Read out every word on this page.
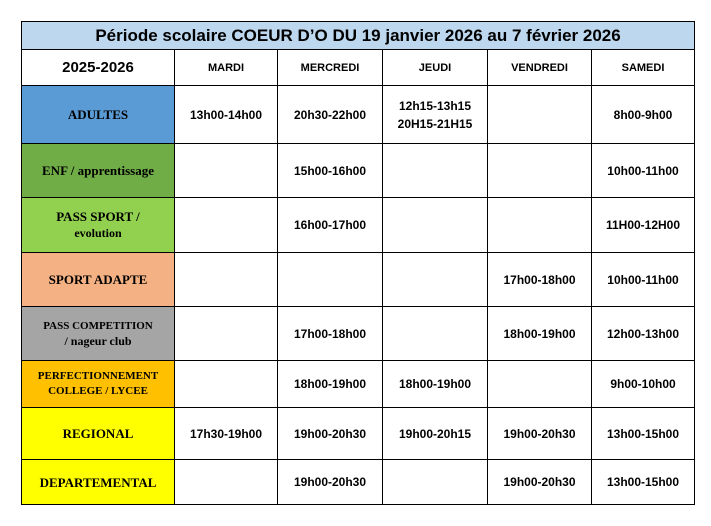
Période scolaire COEUR D’O DU 19 janvier 2026 au 7 février 2026					
2025-2026	MARDI	MERCREDI	JEUDI	VENDREDI	SAMEDI

ADULTES	13h00-14h00	20h30-22h00	12h15-13h15
20H15-21H15		8h00-9h00

ENF / apprentissage		15h00-16h00			10h00-11h00

PASS SPORT /
evolution		16h00-17h00			11H00-12H00

SPORT ADAPTE				17h00-18h00	10h00-11h00

PASS COMPETITION
/ nageur club		17h00-18h00		18h00-19h00	12h00-13h00

PERFECTIONNEMENT
COLLEGE / LYCEE		18h00-19h00	18h00-19h00		9h00-10h00

REGIONAL	17h30-19h00	19h00-20h30	19h00-20h15	19h00-20h30	13h00-15h00

DEPARTEMENTAL		19h00-20h30		19h00-20h30	13h00-15h00
